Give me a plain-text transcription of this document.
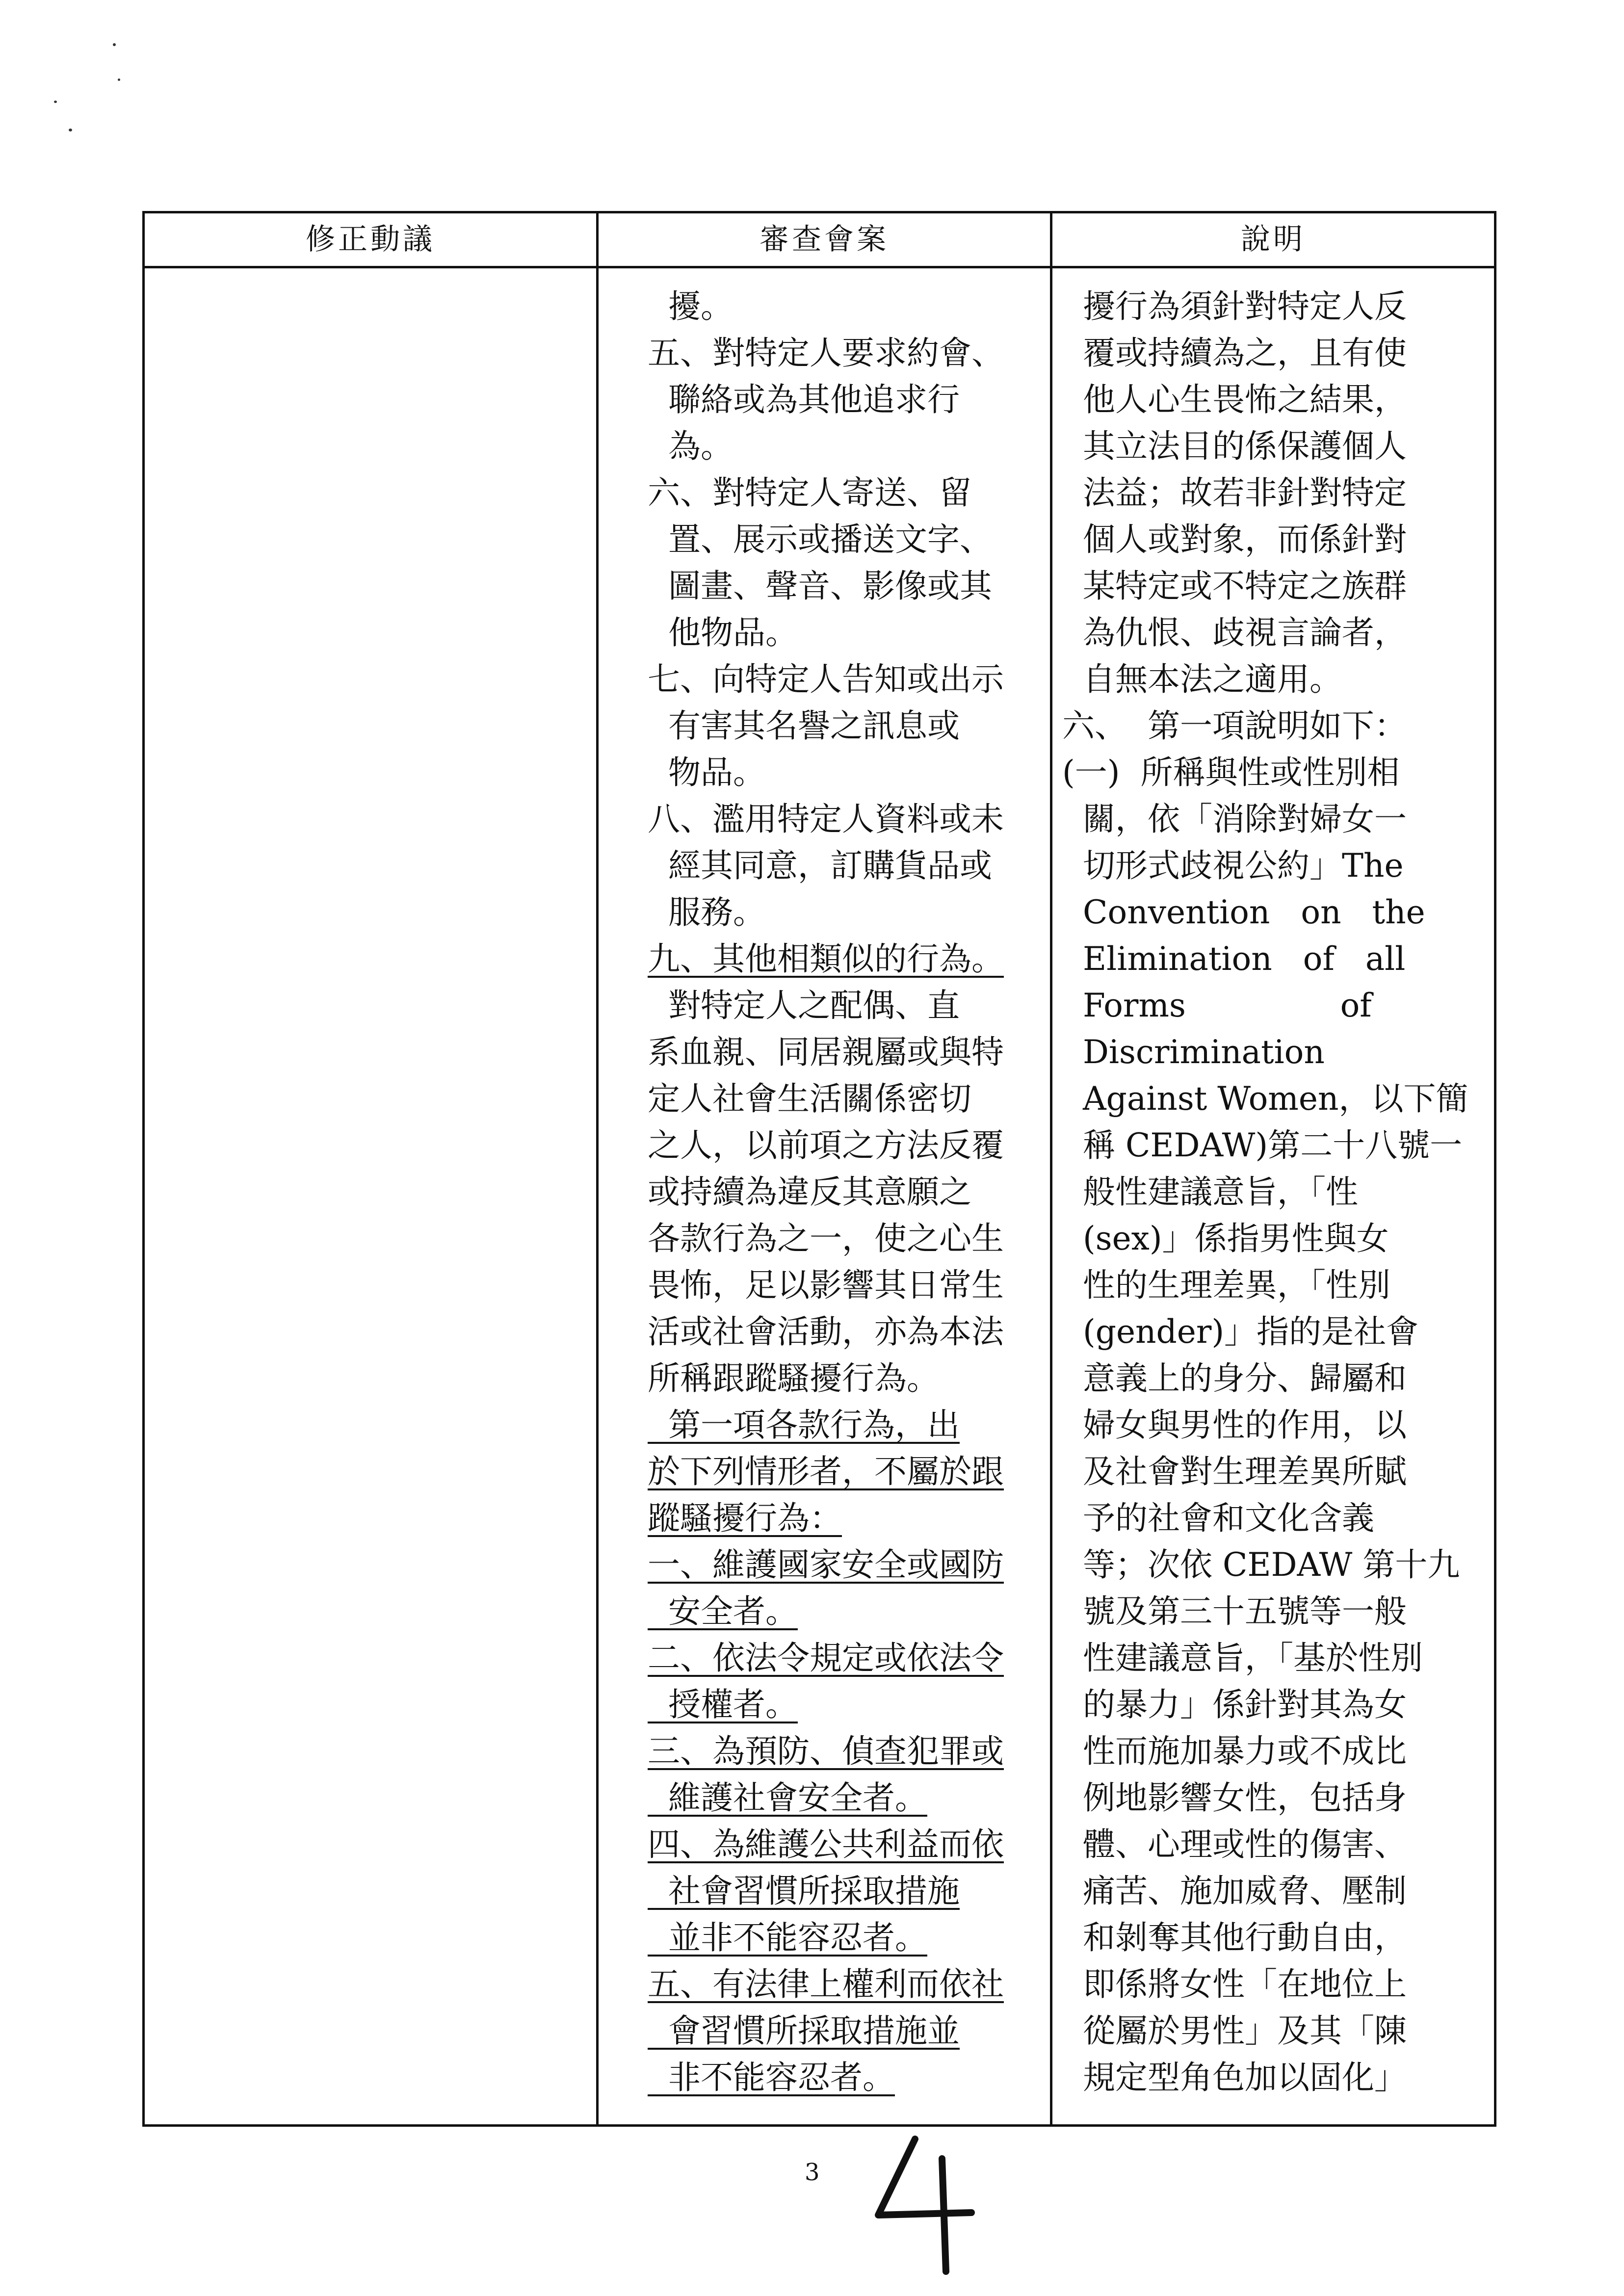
修正動議	審查會案	說明
擾。
五、對特定人要求約會、
聯絡或為其他追求行
為。
六、對特定人寄送、留
置、展示或播送文字、
圖畫、聲音、影像或其
他物品。
七、向特定人告知或出示
有害其名譽之訊息或
物品。
八、濫用特定人資料或未
經其同意，訂購貨品或
服務。
九、其他相類似的行為。
對特定人之配偶、直
系血親、同居親屬或與特
定人社會生活關係密切
之人，以前項之方法反覆
或持續為違反其意願之
各款行為之一，使之心生
畏怖，足以影響其日常生
活或社會活動，亦為本法
所稱跟蹤騷擾行為。
第一項各款行為，出
於下列情形者，不屬於跟
蹤騷擾行為：
一、維護國家安全或國防
安全者。
二、依法令規定或依法令
授權者。
三、為預防、偵查犯罪或
維護社會安全者。
四、為維護公共利益而依
社會習慣所採取措施
並非不能容忍者。
五、有法律上權利而依社
會習慣所採取措施並
非不能容忍者。
擾行為須針對特定人反
覆或持續為之，且有使
他人心生畏怖之結果，
其立法目的係保護個人
法益；故若非針對特定
個人或對象，而係針對
某特定或不特定之族群
為仇恨、歧視言論者，
自無本法之適用。
六、  第一項說明如下：
(一)  所稱與性或性別相
關，依「消除對婦女一
切形式歧視公約」The
Convention   on   the
Elimination   of   all
Forms               of
Discrimination
Against Women，以下簡
稱 CEDAW)第二十八號一
般性建議意旨，「性
(sex)」係指男性與女
性的生理差異，「性別
(gender)」指的是社會
意義上的身分、歸屬和
婦女與男性的作用，以
及社會對生理差異所賦
予的社會和文化含義
等；次依 CEDAW 第十九
號及第三十五號等一般
性建議意旨，「基於性別
的暴力」係針對其為女
性而施加暴力或不成比
例地影響女性，包括身
體、心理或性的傷害、
痛苦、施加威脅、壓制
和剝奪其他行動自由，
即係將女性「在地位上
從屬於男性」及其「陳
規定型角色加以固化」
3
